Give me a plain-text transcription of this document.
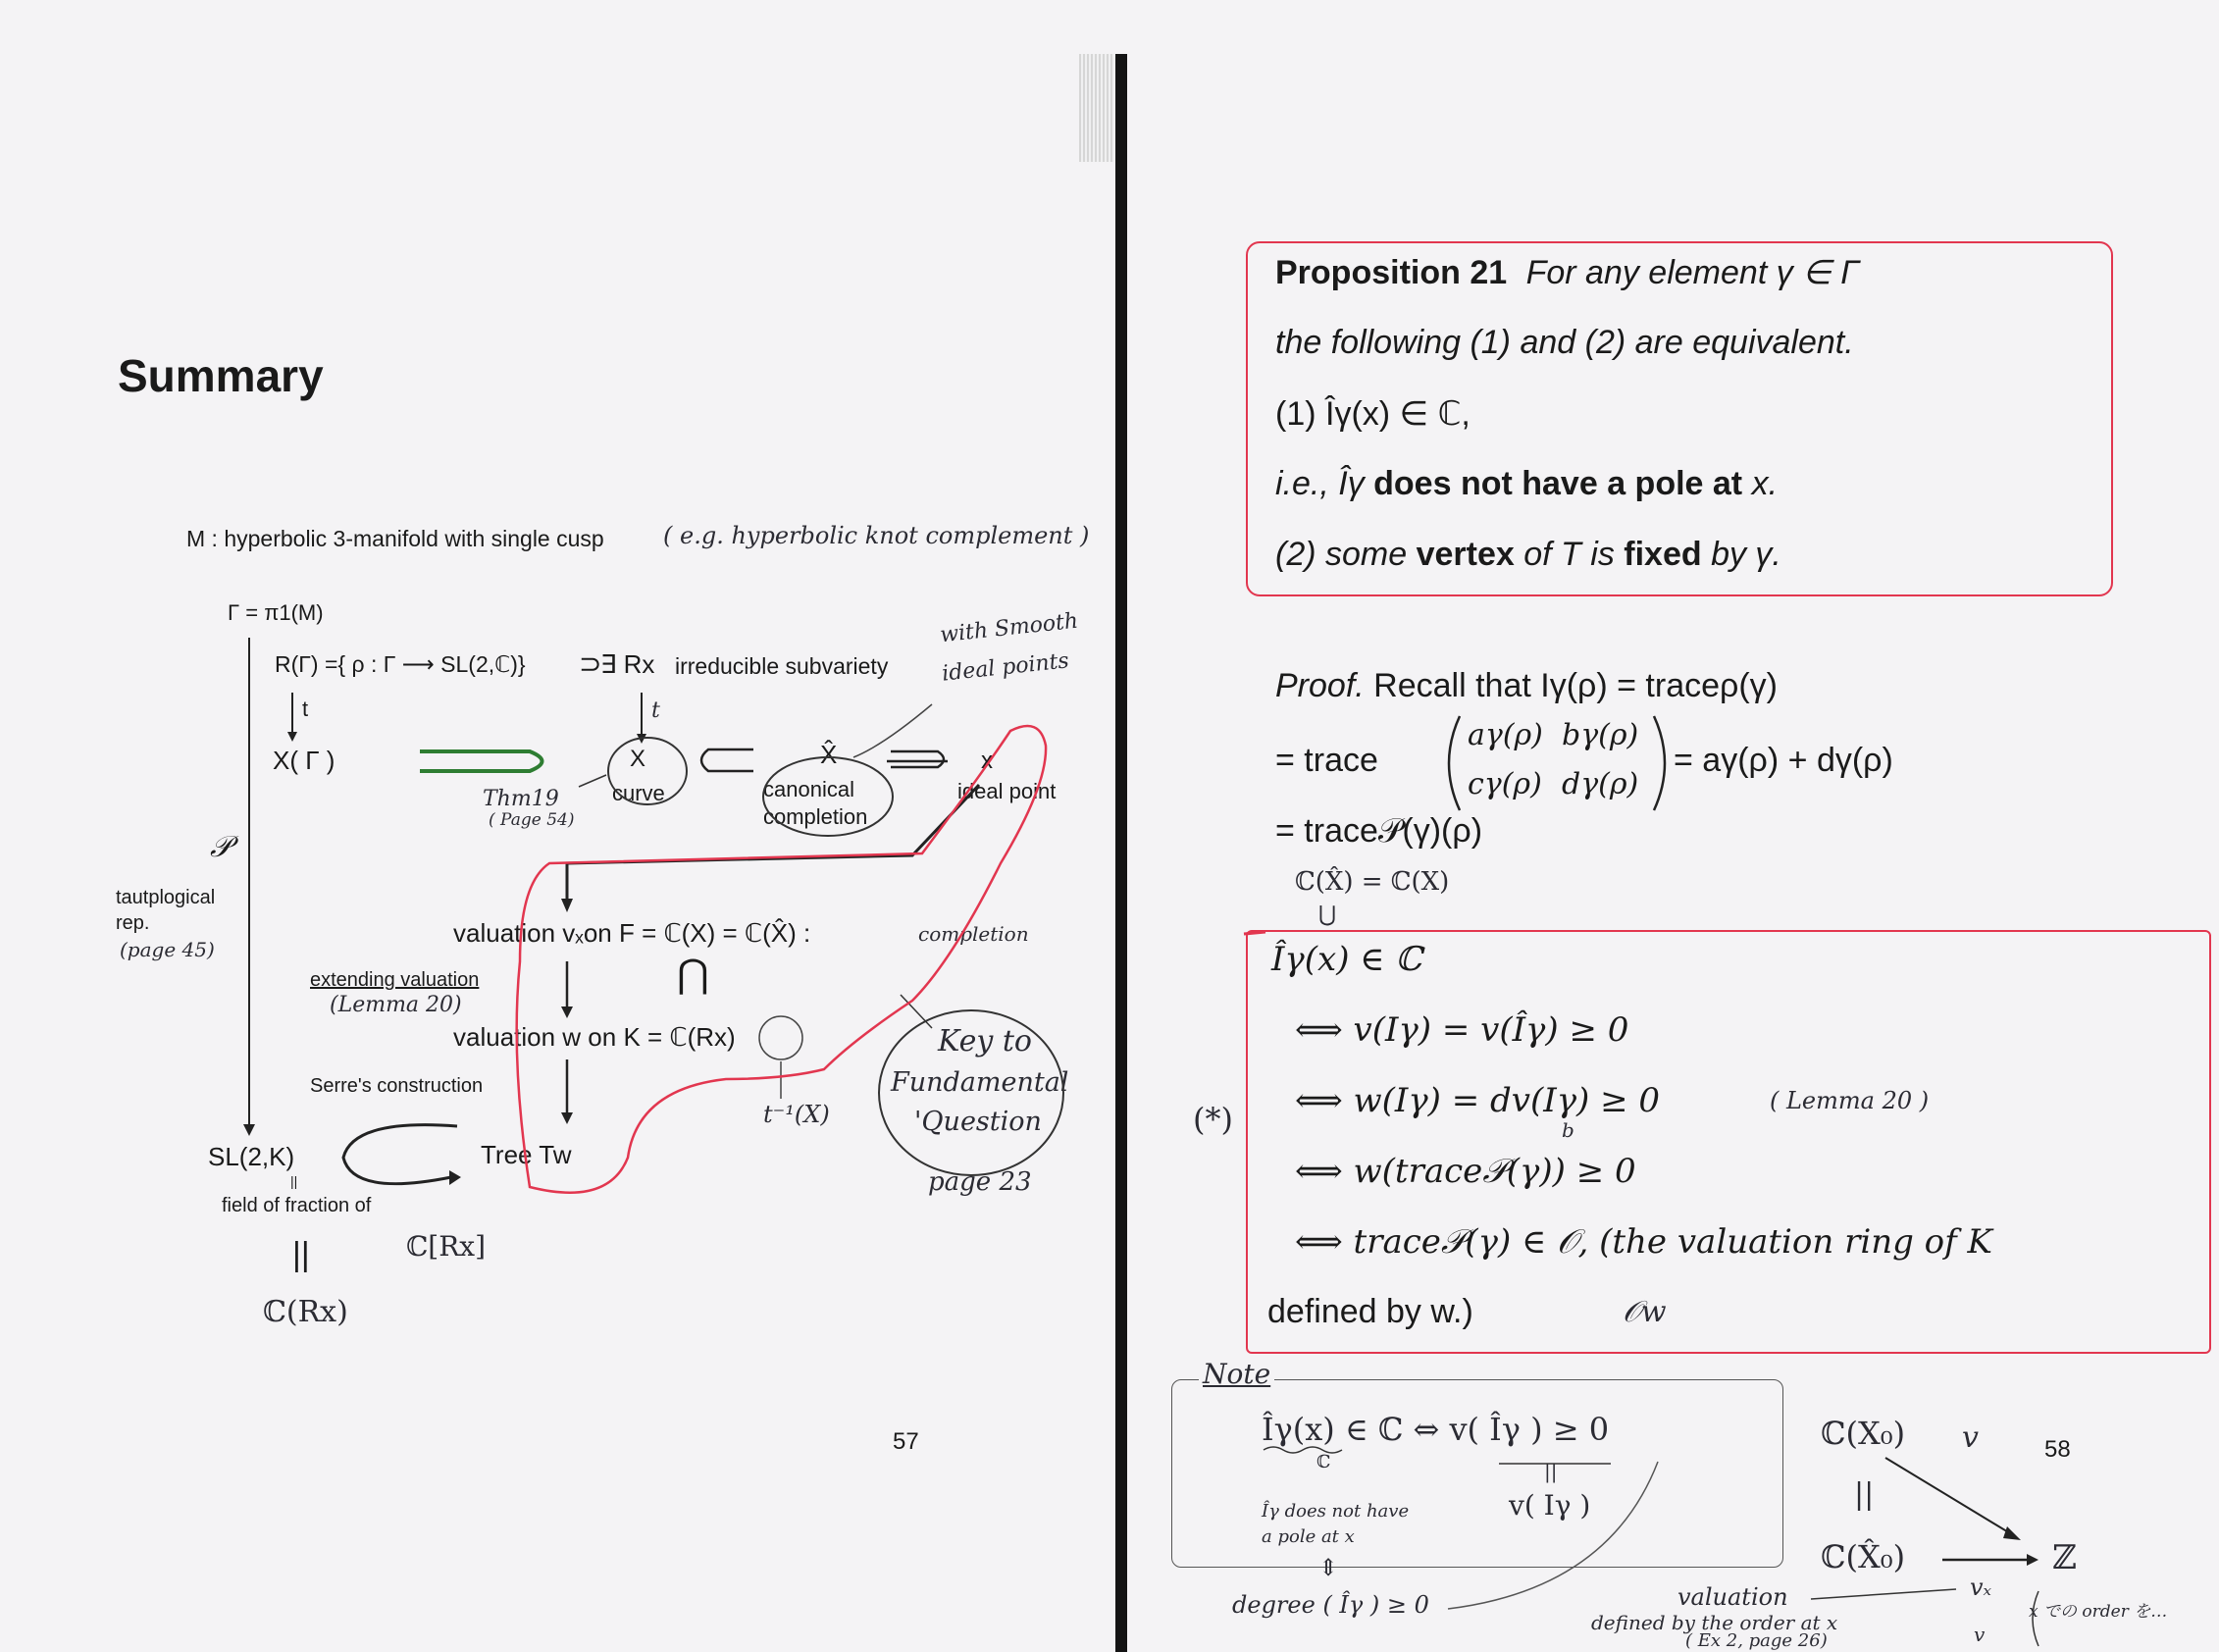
Summary
M : hyperbolic 3-manifold with single cusp	( e.g. hyperbolic knot complement )
Γ = π1(M)
R(Γ) ={ ρ : Γ ⟶ SL(2,ℂ)} ⊃
∃ Rx irreducible subvariety
with Smooth
ideal points
t	t
X( Γ )	X
curve
X̂
canonical
completion
x
ideal point
Thm19
( Page 54)
𝒫
tautplogical
rep.
(page 45)
valuation vₓon F = ℂ(X) = ℂ(X̂) :	completion
⋂
extending valuation
(Lemma 20)
valuation w on K = ℂ(Rx)
Serre's construction
t⁻¹(X)
Key to
Fundamental
'Question
page 23
SL(2,K)	Tree Tw
||
field of fraction of
ℂ[Rx]
||
ℂ(Rx)
57
Proposition 21 For any element γ ∈ Γ
the following (1) and (2) are equivalent.
(1) Îγ(x) ∈ ℂ,
i.e., Îγ does not have a pole at x.
(2) some vertex of T is fixed by γ.
Proof. Recall that Iγ(ρ) = traceρ(γ)
= trace
aγ(ρ) bγ(ρ)
cγ(ρ) dγ(ρ)
= aγ(ρ) + dγ(ρ)
= trace𝒫(γ)(ρ)
ℂ(X̂) = ℂ(X)
⋃
(*)
Îγ(x) ∈ ℂ
⟺ v(Iγ) = v(Îγ) ≥ 0
⟺ w(Iγ) = dv(Iγ) ≥ 0	( Lemma 20 )
b
⟺ w(trace𝒫(γ)) ≥ 0
⟺ trace𝒫(γ) ∈ 𝒪, (the valuation ring of K
defined by w.)	𝒪w
Note
Îγ(x) ∈ ℂ ⇔ v( Îγ ) ≥ 0
ℂ	||
v( Iγ )
Îγ does not have
a pole at x
⇕
degree ( Îγ ) ≥ 0	valuation
defined by the order at x
( Ex 2, page 26)
ℂ(X₀) v	58
||
ℂ(X̂₀)	ℤ
vₓ
v
x での order を…
